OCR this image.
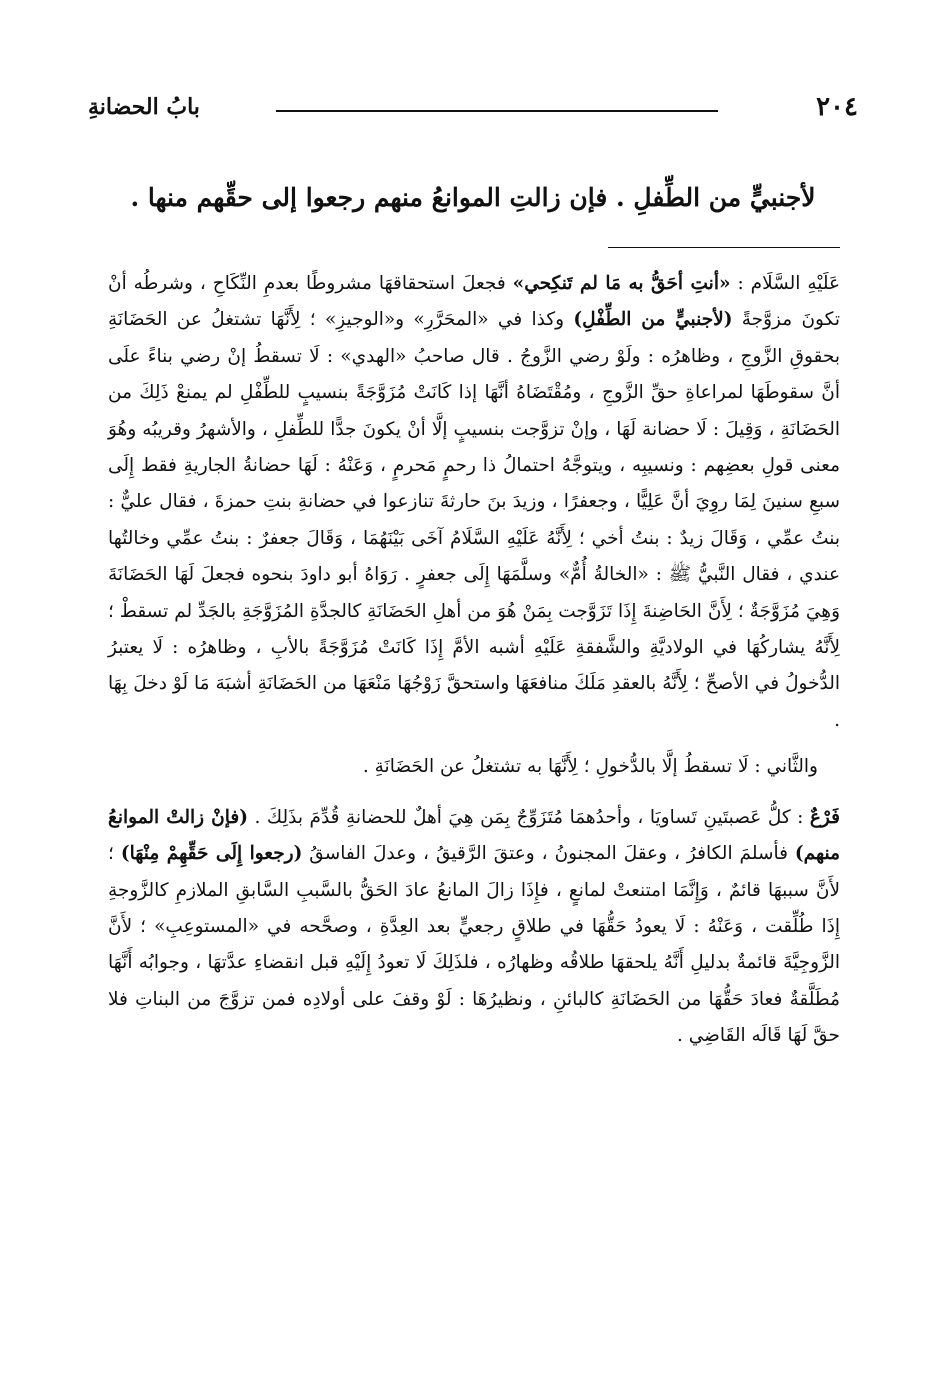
٢٠٤
بابُ الحضانةِ
لأجنبيٍّ من الطِّفلِ . فإن زالتِ الموانعُ منهم رجعوا إلى حقِّهم منها .

عَلَيْهِ السَّلَام : «أنتِ أحَقُّ به مَا لم تَنكِحي» فجعلَ استحقاقهَا مشروطًا بعدمِ النِّكَاحِ ، وشرطُه أنْ تكونَ مزوَّجةً (لأجنبيٍّ من الطِّفْلِ) وكذا في «المحَرَّرِ» و«الوجيزِ» ؛ لِأَنَّهَا تشتغلُ عن الحَضَانَةِ بحقوقِ الزَّوجِ ، وظاهرُه : ولَوْ رضي الزَّوجُ . قال صاحبُ «الهدي» : لَا تسقطُ إنْ رضي بناءً علَى أنَّ سقوطَهَا لمراعاةِ حقِّ الزَّوجِ ، ومُقْتَضَاهُ أنَّهَا إذا كَانَتْ مُزَوَّجَةً بنسيبٍ للطِّفْلِ لم يمنعْ ذَلِكَ من الحَضَانَةِ ، وَقِيلَ : لَا حضانة لَهَا ، وإنْ تزوَّجت بنسيبٍ إلَّا أنْ يكونَ جدًّا للطِّفلِ ، والأشهرُ وقريبُه وهُوَ معنى قولِ بعضِهم : ونسيبِه ، ويتوجَّهُ احتمالُ ذا رحمٍ مَحرمٍ ، وَعَنْهُ : لَهَا حضانةُ الجاريةِ فقط إِلَى سبعِ سنينَ لِمَا روِيَ أنَّ عَلِيًّا ، وجعفرًا ، وزيدَ بنَ حارثةَ تنازعوا في حضانةِ بنتِ حمزةَ ، فقال عليٌّ : بنتُ عمِّي ، وَقَالَ زيدٌ : بنتُ أخي ؛ لِأَنَّهُ عَلَيْهِ السَّلَامُ آخَى بَيْنَهُمَا ، وَقَالَ جعفرٌ : بنتُ عمِّي وخالتُها عندي ، فقال النَّبيُّ ﷺ : «الخالةُ أُمٌّ» وسلَّمَهَا إِلَى جعفرٍ . رَوَاهُ أبو داودَ بنحوه فجعلَ لَهَا الحَضَانَةَ وَهِيَ مُزَوَّجَةٌ ؛ لِأَنَّ الحَاضِنةَ إِذَا تَزَوَّجت بِمَنْ هُوَ من أهلِ الحَضَانَةِ كالجدَّةِ المُزَوَّجَةِ بالجَدِّ لم تسقطْ ؛ لِأَنَّهُ يشاركُهَا في الولاديَّةِ والشَّفقةِ عَلَيْهِ أشبه الأمَّ إِذَا كَانَتْ مُزَوَّجَةً بالأبِ ، وظاهرُه : لَا يعتبرُ الدُّخولُ في الأصحِّ ؛ لِأَنَّهُ بالعقدِ مَلَكَ منافعَهَا واستحقَّ زَوْجُهَا مَنْعَهَا من الحَضَانَةِ أشبَهَ مَا لَوْ دخلَ بِهَا .

والثَّاني : لَا تسقطُ إلَّا بالدُّخولِ ؛ لِأَنَّهَا به تشتغلُ عن الحَضَانَةِ .

فَرْعٌ : كلُّ عَصبتَينِ تَساويَا ، وأحدُهمَا مُتَزَوِّجٌ بِمَن هِيَ أهلٌ للحضانةِ قُدِّمَ بذَلِكَ . (فإنْ زالتْ الموانعُ منهم) فأسلمَ الكافرُ ، وعقلَ المجنونُ ، وعتقَ الرَّقيقُ ، وعدلَ الفاسقُ (رجعوا إِلَى حَقِّهِمْ مِنْهَا) ؛ لأَنَّ سببهَا قائمٌ ، وَإِنَّمَا امتنعتْ لمانعٍ ، فإِذَا زالَ المانعُ عادَ الحَقُّ بالسَّببِ السَّابقِ الملازمِ كالزَّوجةِ إِذَا طُلِّقت ، وَعَنْهُ : لَا يعودُ حَقُّهَا في طلاقٍ رجعيٍّ بعد العِدَّةِ ، وصحَّحه في «المستوعِبِ» ؛ لأَنَّ الزَّوجِيَّةَ قائمةٌ بدليلِ أَنَّهُ يلحقهَا طلاقُه وظهارُه ، فلذَلِكَ لَا تعودُ إِلَيْهِ قبل انقضاءِ عدَّتهَا ، وجوابُه أَنَّهَا مُطَلَّقةٌ فعادَ حَقُّهَا من الحَضَانَةِ كالبائنِ ، ونظيرُهَا : لَوْ وقفَ على أولادِه فمن تزوَّجَ من البناتِ فلا حقَّ لَهَا قَالَه القَاضِي .
